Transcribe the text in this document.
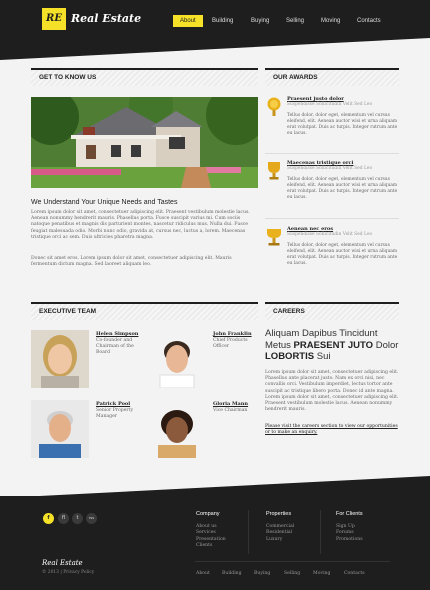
RE Real Estate	About	Building	Buying	Selling	Moving	Contacts
GET TO KNOW US
We Understand Your Unique Needs and Tastes
Lorem ipsum dolor sit amet, consectetuer adipiscing elit. Praesent vestibulum molestie lacus. Aenean nonummy hendrerit mauris. Phasellus porta. Fusce suscipit varius mi. Cum sociis natoque penatibus et magnis dis parturient montes, nascetur ridiculus mus. Nulla dui. Fusce feugiat malesuada odio. Morbi nunc odio, gravida at, cursus nec, luctus a, lorem. Maecenas tristique orci ac sem. Duis ultricies pharetra magna.
Donec sit amet eros. Lorem ipsum dolor sit amet, consectetuer adipiscing elit. Mauris fermentum dictum magna. Sed laoreet aliquam leo.
OUR AWARDS
Praesent justo dolor
Suspendisse Sollicitudin Velit Sed Leo
Tellus dolor, dolor eget, elementum vel cursus eleifend, elit. Aenean auctor wisi et urna aliquam erat volutpat. Duis ac turpis. Integer rutrum ante eu lacus.
Maecenas tristique orci
Suspendisse Sollicitudin Velit Sed Leo
Tellus dolor, dolor eget, elementum vel cursus eleifend, elit. Aenean auctor wisi et urna aliquam erat volutpat. Duis ac turpis. Integer rutrum ante eu lacus.
Aenean nec eros
Suspendisse Sollicitudin Velit Sed Leo
Tellus dolor, dolor eget, elementum vel cursus eleifend, elit. Aenean auctor wisi et urna aliquam erat volutpat. Duis ac turpis. Integer rutrum ante eu lacus.
EXECUTIVE TEAM
Helen Simpson
Co-founder and Chairman of the Board
John Franklin
Chief Products Officer
Patrick Pool
Senior Property Manager
Gloria Mann
Vice Chairman
CAREERS
Aliquam Dapibus Tincidunt
Metus PRAESENT JUTO Dolor
LOBORTIS Sui
Lorem ipsum dolor sit amet, consectetuer adipiscing elit. Phasellus ante placerat justo. Nam ex orci nisi, nec convallis orci. Vestibulum imperdiet, lectus tortor ante suscipit ac tristique libero porta. Donec id ante magna. Lorem ipsum dolor sit amet, consectetuer adipiscing elit. Praesent vestibulum molestie lacus. Aenean nonummy hendrerit mauris.
Please visit the careers section to view our opportunities or to make an enquiry.
f	fl	t	rss
Company
About us
Services
Presentation
Clients
Properties
Commercial
Residential
Luxury
For Clients
Sign Up
Forums
Promotions
Real Estate
© 2013 | Privacy Policy	About	Building	Buying	Selling	Moving	Contacts
